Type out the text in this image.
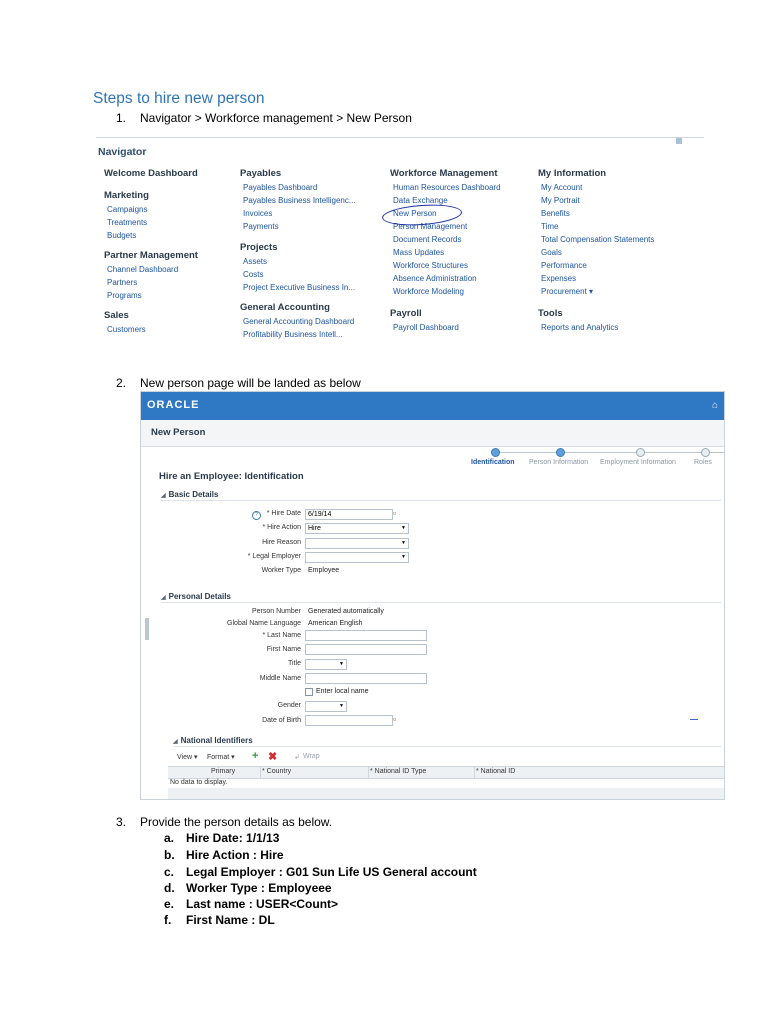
Steps to hire new person
1. Navigator > Workforce management > New Person
Navigator
Welcome Dashboard
Marketing
Campaigns
Treatments
Budgets
Partner Management
Channel Dashboard
Partners
Programs
Sales
Customers
Payables
Payables Dashboard
Payables Business Intelligenc...
Invoices
Payments
Projects
Assets
Costs
Project Executive Business In...
General Accounting
General Accounting Dashboard
Profitability Business Intell...
Workforce Management
Human Resources Dashboard
Data Exchange
New Person
Person Management
Document Records
Mass Updates
Workforce Structures
Absence Administration
Workforce Modeling
Payroll
Payroll Dashboard
My Information
My Account
My Portrait
Benefits
Time
Total Compensation Statements
Goals
Performance
Expenses
Procurement ▾
Tools
Reports and Analytics
2. New person page will be landed as below
ORACLE	⌂
New Person
Identification Person Information Employment Information	Roles
Hire an Employee: Identification
◢ Basic Details
?	* Hire Date	6/19/14	▫
* Hire Action	Hire ▼
Hire Reason
▼
* Legal Employer
▼
Worker Type Employee
◢ Personal Details
Person Number Generated automatically
Global Name Language American English
* Last Name
First Name
Title
▼
Middle Name
Enter local name
Gender
▼
Date of Birth	▫
◢ National Identifiers
View ▾ Format ▾ + ✖ ↲ Wrap
Primary	* Country	* National ID Type	* National ID
No data to display.
3. Provide the person details as below.
a. Hire Date: 1/1/13
b. Hire Action : Hire
c. Legal Employer : G01 Sun Life US General account
d. Worker Type : Employeee
e. Last name : USER<Count>
f. First Name : DL
